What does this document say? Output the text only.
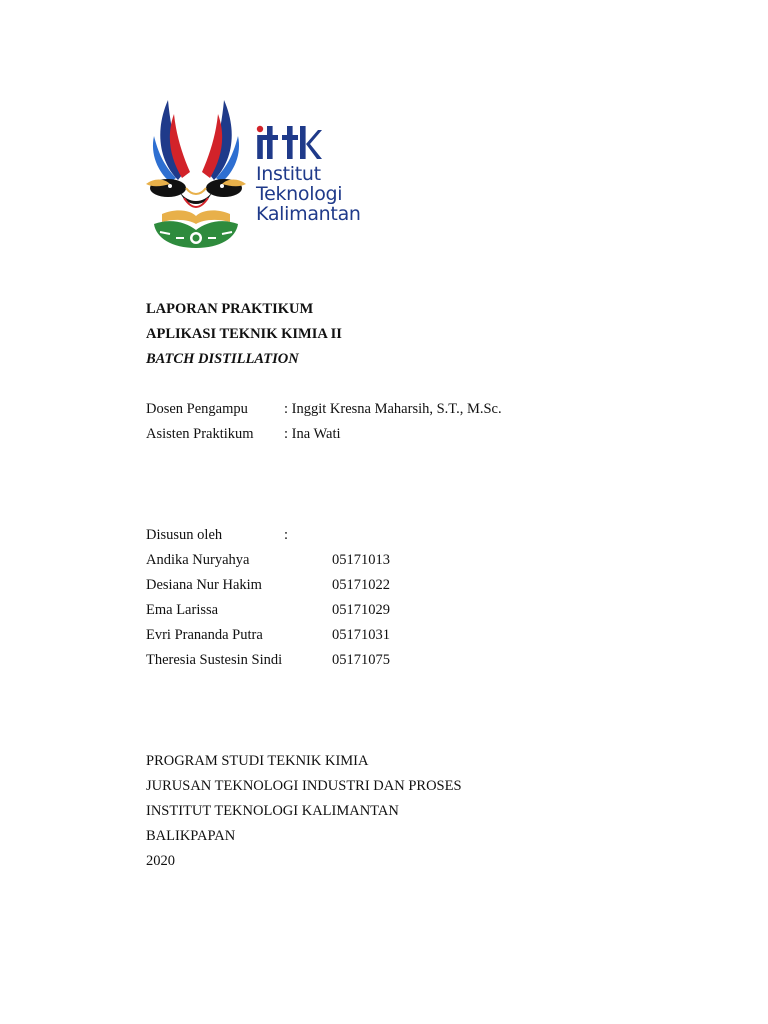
Institut
Teknologi
Kalimantan
LAPORAN PRAKTIKUM
APLIKASI TEKNIK KIMIA II
BATCH DISTILLATION
Dosen Pengampu	: Inggit Kresna Maharsih, S.T., M.Sc.
Asisten Praktikum	: Ina Wati
Disusun oleh	:
Andika Nuryahya	05171013
Desiana Nur Hakim	05171022
Ema Larissa	05171029
Evri Prananda Putra	05171031
Theresia Sustesin Sindi	05171075
PROGRAM STUDI TEKNIK KIMIA
JURUSAN TEKNOLOGI INDUSTRI DAN PROSES
INSTITUT TEKNOLOGI KALIMANTAN
BALIKPAPAN
2020
